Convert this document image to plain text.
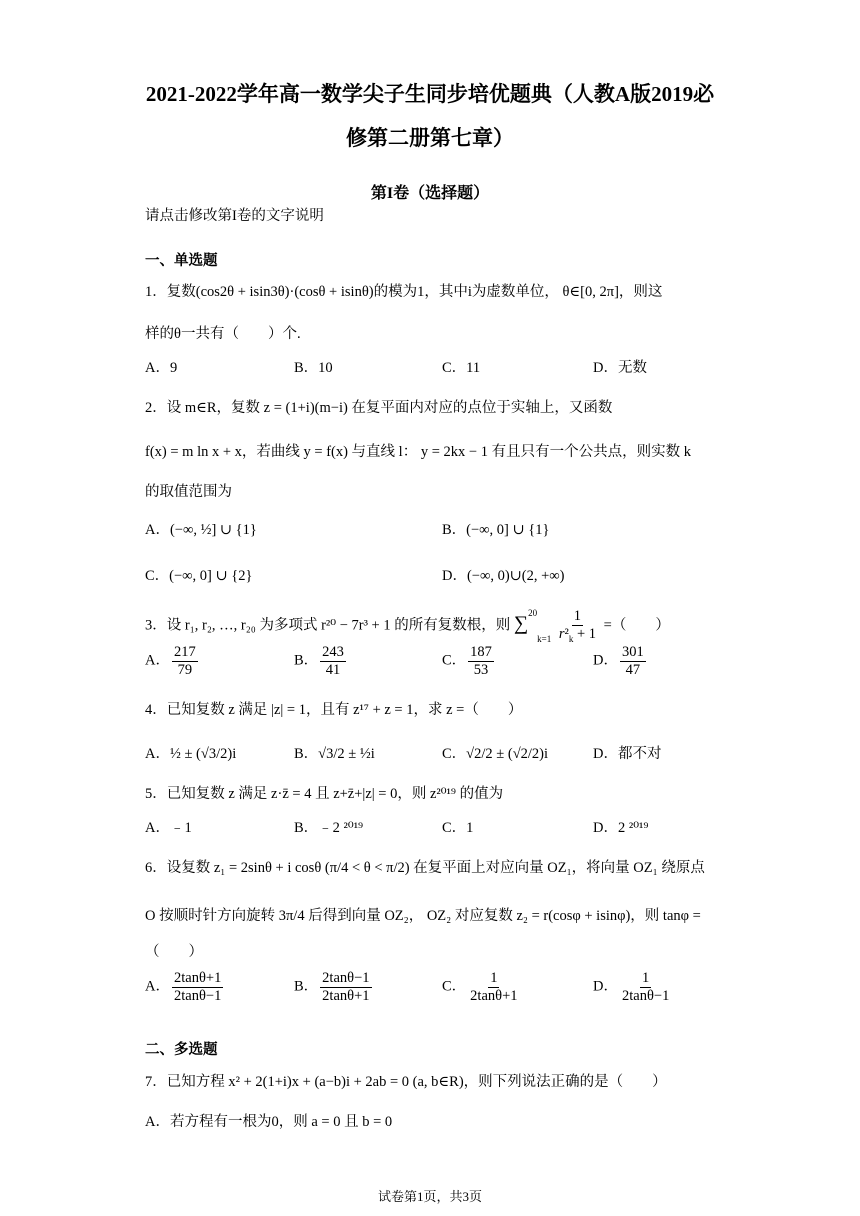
2021-2022学年高一数学尖子生同步培优题典（人教A版2019必
修第二册第七章）
第I卷（选择题）
请点击修改第I卷的文字说明
一、单选题
1．复数(cos2θ + isin3θ)·(cosθ + isinθ)的模为1，其中i为虚数单位， θ∈[0, 2π]，则这
样的θ一共有（　　）个.
A．9	B．10	C．11	D．无数
2．设 m∈R，复数 z = (1+i)(m−i) 在复平面内对应的点位于实轴上，又函数
f(x) = m ln x + x，若曲线 y = f(x) 与直线 l： y = 2kx − 1 有且只有一个公共点，则实数 k
的取值范围为
A．(−∞, ½] ∪ {1}	B．(−∞, 0] ∪ {1}
C．(−∞, 0] ∪ {2}	D．(−∞, 0)∪(2, +∞)
3．设 r₁, r₂, …, r₂₀ 为多项式 r²⁰ − 7r³ + 1 的所有复数根，则 $\sum^{20}k=1 \frac{1}{r^2_k + 1}$ =（　　）
A． $\frac{217}{79}$	B． $\frac{243}{41}$	C． $\frac{187}{53}$	D． $\frac{301}{47}$
4．已知复数 z 满足 |z| = 1，且有 z¹⁷ + z = 1，求 z =（　　）
A．½ ± (√3/2)i	B．√3/2 ± ½i	C．√2/2 ± (√2/2)i	D．都不对
5．已知复数 z 满足 z·z̄ = 4 且 z+z̄+|z| = 0，则 z²⁰¹⁹ 的值为
A．﹣1	B．﹣2 ²⁰¹⁹	C．1	D．2 ²⁰¹⁹
6．设复数 z₁ = 2sinθ + i cosθ (π/4 < θ < π/2) 在复平面上对应向量 OZ₁，将向量 OZ₁ 绕原点
O 按顺时针方向旋转 3π/4 后得到向量 OZ₂， OZ₂ 对应复数 z₂ = r(cosφ + isinφ)，则 tanφ =
（　　）
A． $\frac{2\tan\theta+1}{2\tan\theta-1}$	B． $\frac{2\tan\theta-1}{2\tan\theta+1}$	C． $\frac{1}{2\tan\theta+1}$	D． $\frac{1}{2\tan\theta-1}$
二、多选题
7．已知方程 x² + 2(1+i)x + (a−b)i + 2ab = 0 (a, b∈R)，则下列说法正确的是（　　）
A．若方程有一根为0，则 a = 0 且 b = 0
试卷第1页，共3页
